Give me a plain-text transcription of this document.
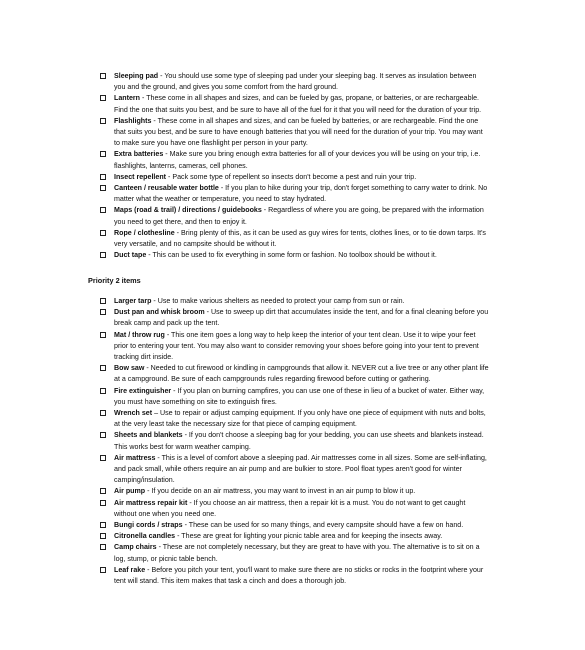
Sleeping pad - You should use some type of sleeping pad under your sleeping bag. It serves as insulation between you and the ground, and gives you some comfort from the hard ground.
Lantern - These come in all shapes and sizes, and can be fueled by gas, propane, or batteries, or are rechargeable. Find the one that suits you best, and be sure to have all of the fuel for it that you will need for the duration of your trip.
Flashlights - These come in all shapes and sizes, and can be fueled by batteries, or are rechargeable. Find the one that suits you best, and be sure to have enough batteries that you will need for the duration of your trip. You may want to make sure you have one flashlight per person in your party.
Extra batteries - Make sure you bring enough extra batteries for all of your devices you will be using on your trip, i.e. flashlights, lanterns, cameras, cell phones.
Insect repellent - Pack some type of repellent so insects don't become a pest and ruin your trip.
Canteen / reusable water bottle - If you plan to hike during your trip, don't forget something to carry water to drink. No matter what the weather or temperature, you need to stay hydrated.
Maps (road & trail) / directions / guidebooks - Regardless of where you are going, be prepared with the information you need to get there, and then to enjoy it.
Rope / clothesline - Bring plenty of this, as it can be used as guy wires for tents, clothes lines, or to tie down tarps. It's very versatile, and no campsite should be without it.
Duct tape - This can be used to fix everything in some form or fashion. No toolbox should be without it.

Priority 2 items

Larger tarp - Use to make various shelters as needed to protect your camp from sun or rain.
Dust pan and whisk broom - Use to sweep up dirt that accumulates inside the tent, and for a final cleaning before you break camp and pack up the tent.
Mat / throw rug - This one item goes a long way to help keep the interior of your tent clean. Use it to wipe your feet prior to entering your tent. You may also want to consider removing your shoes before going into your tent to prevent tracking dirt inside.
Bow saw - Needed to cut firewood or kindling in campgrounds that allow it. NEVER cut a live tree or any other plant life at a campground. Be sure of each campgrounds rules regarding firewood before cutting or gathering.
Fire extinguisher - If you plan on burning campfires, you can use one of these in lieu of a bucket of water. Either way, you must have something on site to extinguish fires.
Wrench set – Use to repair or adjust camping equipment. If you only have one piece of equipment with nuts and bolts, at the very least take the necessary size for that piece of camping equipment.
Sheets and blankets - If you don't choose a sleeping bag for your bedding, you can use sheets and blankets instead. This works best for warm weather camping.
Air mattress - This is a level of comfort above a sleeping pad. Air mattresses come in all sizes. Some are self-inflating, and pack small, while others require an air pump and are bulkier to store. Pool float types aren't good for winter camping/insulation.
Air pump - If you decide on an air mattress, you may want to invest in an air pump to blow it up.
Air mattress repair kit - If you choose an air mattress, then a repair kit is a must. You do not want to get caught without one when you need one.
Bungi cords / straps - These can be used for so many things, and every campsite should have a few on hand.
Citronella candles - These are great for lighting your picnic table area and for keeping the insects away.
Camp chairs - These are not completely necessary, but they are great to have with you. The alternative is to sit on a log, stump, or picnic table bench.
Leaf rake - Before you pitch your tent, you'll want to make sure there are no sticks or rocks in the footprint where your tent will stand. This item makes that task a cinch and does a thorough job.
